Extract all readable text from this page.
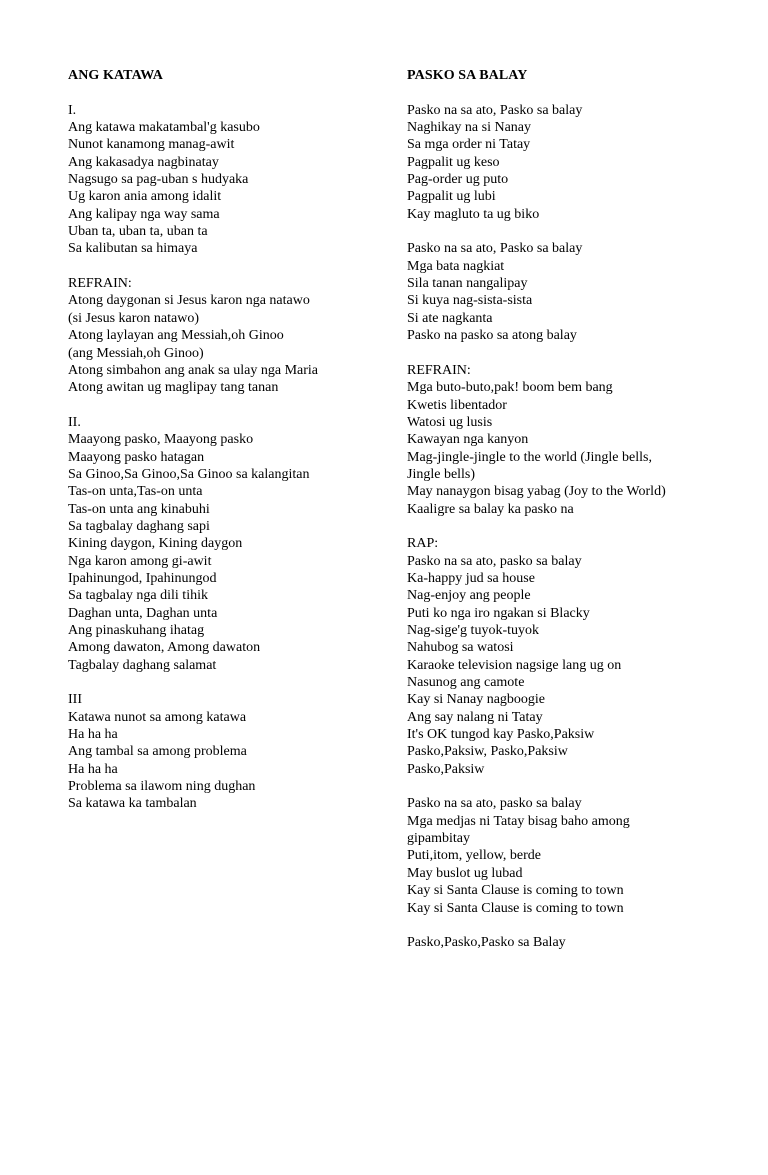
ANG KATAWA
I.
Ang katawa makatambal'g kasubo
Nunot kanamong manag-awit
Ang kakasadya nagbinatay
Nagsugo sa pag-uban s hudyaka
Ug karon ania among idalit
Ang kalipay nga way sama
Uban ta, uban ta, uban ta
Sa kalibutan sa himaya
REFRAIN:
Atong daygonan si Jesus karon nga natawo
(si Jesus karon natawo)
Atong laylayan ang Messiah,oh Ginoo
(ang Messiah,oh Ginoo)
Atong simbahon ang anak sa ulay nga Maria
Atong awitan ug maglipay tang tanan
II.
Maayong pasko, Maayong pasko
Maayong pasko hatagan
Sa Ginoo,Sa Ginoo,Sa Ginoo sa kalangitan
Tas-on unta,Tas-on unta
Tas-on unta ang kinabuhi
Sa tagbalay daghang sapi
Kining daygon, Kining daygon
Nga karon among gi-awit
Ipahinungod, Ipahinungod
Sa tagbalay nga dili tihik
Daghan unta, Daghan unta
Ang pinaskuhang ihatag
Among dawaton, Among dawaton
Tagbalay daghang salamat
III
Katawa nunot sa among katawa
Ha ha ha
Ang tambal sa among problema
Ha ha ha
Problema sa ilawom ning dughan
Sa katawa ka tambalan
PASKO SA BALAY
Pasko na sa ato, Pasko sa balay
Naghikay na si Nanay
Sa mga order ni Tatay
Pagpalit ug keso
Pag-order ug puto
Pagpalit ug lubi
Kay magluto ta ug biko
Pasko na sa ato, Pasko sa balay
Mga bata nagkiat
Sila tanan nangalipay
Si kuya nag-sista-sista
Si ate nagkanta
Pasko na pasko sa atong balay
REFRAIN:
Mga buto-buto,pak! boom bem bang
Kwetis libentador
Watosi ug lusis
Kawayan nga kanyon
Mag-jingle-jingle to the world (Jingle bells,
Jingle bells)
May nanaygon bisag yabag (Joy to the World)
Kaaligre sa balay ka pasko na
RAP:
Pasko na sa ato, pasko sa balay
Ka-happy jud sa house
Nag-enjoy ang people
Puti ko nga iro ngakan si Blacky
Nag-sige'g tuyok-tuyok
Nahubog sa watosi
Karaoke television nagsige lang ug on
Nasunog ang camote
Kay si Nanay nagboogie
Ang say nalang ni Tatay
It's OK tungod kay Pasko,Paksiw
Pasko,Paksiw, Pasko,Paksiw
Pasko,Paksiw
Pasko na sa ato, pasko sa balay
Mga medjas ni Tatay bisag baho among
gipambitay
Puti,itom, yellow, berde
May buslot ug lubad
Kay si Santa Clause is coming to town
Kay si Santa Clause is coming to town
Pasko,Pasko,Pasko sa Balay
